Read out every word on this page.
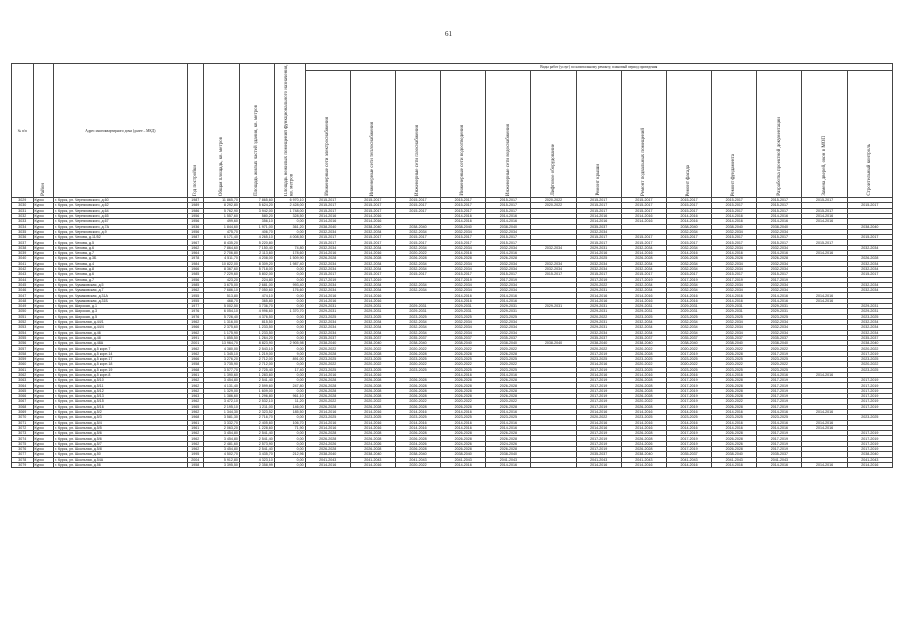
61
№ п/п	Район	Адрес многоквартирного дома (далее – МКД)	Год постройки	Общая площадь, кв. метров	Площадь жилых частей здания, кв. метров	Площадь нежилых помещений функционального назначения, кв. метров	Виды работ (услуг) по капитальному ремонту, плановый период проведения												
							Инженерные сети электроснабжения	Инженерные сети теплоснабжения	Инженерные сети газоснабжения	Инженерные сети водоотведения	Инженерные сети водоснабжения	Лифтовое оборудование	Ремонт крыши	Ремонт подвальных помещений	Ремонт фасада	Ремонт фундамента	Разработка проектной документации	Замена дверей, окон в МОП	Строительный контроль
3029	Курск	г. Курск, ул. Черняховского, д.60	1987	11 865,70	7 865,60	6 970,10	2015-2017	2015-2017	2015-2017	2015-2017	2015-2017	2020-2022	2015-2017	2015-2017	2015-2017	2015-2017	2015-2017	2015-2017	
3030	Курск	г. Курск, ул. Черняховского, д.62	1989	8 292,80	5 624,20	2 428,00	2015-2017	2015-2017	2015-2017	2015-2017	2015-2017	2020-2022	2015-2017	2015-2017	2015-2017	2015-2017	2015-2017		2015-2017
3031	Курск	г. Курск, ул. Черняховского, д.64	1986	5 762,90	3 942,00	1 748,00	2015-2017	2015-2017	2015-2017	2015-2017	2015-2017		2015-2017	2015-2017	2015-2017	2015-2017	2015-2017	2015-2017	
3032	Курск	г. Курск, ул. Черняховского, д.65	1956	1 557,60	580,20	328,50	2014-2016	2014-2016		2014-2016	2014-2016		2014-2016	2014-2016	2014-2016	2014-2016	2014-2016	2014-2016	
3033	Курск	г. Курск, ул. Черняховского, д.67	1956	499,60	356,10	0,00	2014-2016	2014-2016		2014-2016	2014-2016		2014-2016	2014-2016	2014-2016	2014-2016	2014-2016	2014-2016	
3034	Курск	г. Курск, ул. Черняховского, д.7А	1936	1 844,60	1 971,00	361,20	2038-2040	2038-2040	2038-2040	2038-2040	2038-2040		2035-2037		2038-2040	2038-2040	2038-2040		2038-2040
3035	Курск	г. Курск, ул. Черняховского, д.9	1956	475,70	406,70	0,00	2032-2034	2032-2034	2032-2034	2032-2034	2032-2034		2032-2034		2032-2034	2032-2034	2032-2034		
3036	Курск	г. Курск, ул. Чехова, д.11/52	1987	6 171,40	4 265,10	4 008,50	2015-2017	2015-2017	2015-2017	2015-2017	2015-2017		2015-2017	2015-2017	2015-2017	2015-2017	2015-2017		2015-2017
3037	Курск	г. Курск, ул. Чехова, д.5	1967	8 435,20	5 220,80		2015-2017	2015-2017	2015-2017	2015-2017	2015-2017		2015-2017	2015-2017	2015-2017	2015-2017	2015-2017	2015-2017	
3038	Курск	г. Курск, ул. Чехова, д.6	1962	7 864,60	7 150,40	74,80	2032-2034	2032-2034	2032-2034	2032-2034	2032-2034	2032-2034	2029-2031	2032-2034	2032-2034	2032-2034	2032-2034		2032-2034
3039	Курск	г. Курск, ул. Чехова, д.7	1964	2 706,80	2 113,60	178,60	2014-2016	2014-2016	2020-2022	2014-2016	2014-2016		2014-2016	2014-2016	2014-2016	2014-2016	2014-2016	2014-2016	
3040	Курск	г. Курск, ул. Чехова, д.3Б	1978	4 511,70	4 208,00	1 509,90	2026-2028	2026-2028	2026-2028	2026-2028	2026-2028		2023-2025	2026-2028	2026-2028	2026-2028	2026-2028		2026-2028
3041	Курск	г. Курск, ул. Чехова, д.4	1984	10 822,00	8 309,20	1 987,40	2032-2034	2032-2034	2032-2034	2032-2034	2032-2034	2032-2034	2032-2034	2032-2034	2032-2034	2032-2034	2032-2034		2032-2034
3042	Курск	г. Курск, ул. Чехова, д.8	1966	8 367,60	5 718,00	0,00	2032-2034	2032-2034	2032-2034	2032-2034	2032-2034	2032-2034	2032-2034	2032-2034	2032-2034	2032-2034	2032-2034		2032-2034
3043	Курск	г. Курск, ул. Чехова, д.6	1985	7 229,60	5 802,00	0,00	2015-2017	2015-2017	2015-2017	2015-2017	2015-2017	2015-2017	2015-2017	2015-2017	2015-2017	2015-2017	2015-2017		2015-2017
3044	Курск	г. Курск, ул. Чехова, д.7	1956	423,20	224,80	0,00	2017-2019	2017-2019		2017-2019	2017-2019		2017-2019	2017-2019	2017-2019	2017-2019	2017-2019		
3045	Курск	г. Курск, ул. Чумаковская, д.5	1985	3 675,00	2 681,00	993,40	2032-2034	2032-2034	2032-2034	2032-2034	2032-2034		2020-2022	2032-2034	2032-2034	2032-2034	2032-2034		2032-2034
3046	Курск	г. Курск, ул. Чумаковская, д.7	1962	7 686,10	7 050,60	176,60	2032-2034	2032-2034	2032-2034	2032-2034	2032-2034		2029-2031	2032-2034	2032-2034	2032-2034	2032-2034		2032-2034
3047	Курск	г. Курск, ул. Чумаковская, д.31А	1955	513,80	474,10	0,00	2014-2016	2014-2016		2014-2016	2014-2016		2014-2016	2014-2016	2014-2016	2014-2016	2014-2016	2014-2016	
3048	Курск	г. Курск, ул. Чумаковская, д.31Б	1955	468,70	365,80	0,00	2014-2016	2014-2016		2014-2016	2014-2016		2014-2016	2014-2016	2014-2016	2014-2016	2014-2016	2014-2016	
3049	Курск	г. Курск, ул. Широкая, д.1	1977	5 002,50	3 736,70	0,00	2029-2031	2029-2031	2029-2031	2029-2031	2029-2031	2029-2031	2029-2031	2029-2031	2029-2031	2029-2031	2029-2031		2029-2031
3050	Курск	г. Курск, ул. Широкая, д.3	1976	6 054,10	4 996,60	1 370,70	2029-2031	2029-2031	2029-2031	2029-2031	2029-2031		2029-2031	2029-2031	2029-2031	2029-2031	2029-2031		2029-2031
3051	Курск	г. Курск, ул. Широкая, д.5	1976	5 726,40	4 376,50	0,00	2023-2025	2023-2025	2023-2025	2023-2025	2023-2025		2020-2022	2023-2025	2023-2025	2023-2025	2023-2025		2023-2025
3052	Курск	г. Курск, ул. Школьная, д.44/1	1962	1 316,00	815,50	0,00	2032-2034	2032-2034	2032-2034	2032-2034	2032-2034		2029-2031	2032-2034	2032-2034	2032-2034	2032-2034		2032-2034
3053	Курск	г. Курск, ул. Школьная, д.44/4	1966	2 375,60	1 233,50	0,00	2032-2034	2032-2034	2032-2034	2032-2034	2032-2034		2029-2031	2032-2034	2032-2034	2032-2034	2032-2034		2032-2034
3054	Курск	г. Курск, ул. Школьная, д.46	1962	1 175,90	1 233,50	0,00	2032-2034	2032-2034	2032-2034	2032-2034	2032-2034		2032-2034	2032-2034	2032-2034	2032-2034	2032-2034		2032-2034
3055	Курск	г. Курск, ул. Школьная, д.48	1991	1 855,50	1 264,20	0,00	2035-2037	2035-2037	2035-2037	2035-2037	2035-2037		2035-2037	2035-2037	2035-2037	2035-2037	2035-2037		2035-2037
3056	Курск	г. Курск, ул. Школьная, д.48А	2001	13 964,70	8 823,90	2 905,98	2038-2040	2038-2040	2038-2040	2038-2040	2038-2040	2038-2040	2038-2040	2038-2040	2038-2040	2038-2040	2038-2040		2038-2040
3057	Курск	г. Курск, ул. Школьная, д.5 корп.7	1962	4 380,00	2 543,10	0,00	2020-2022	2020-2022	2020-2022	2020-2022	2020-2022		2020-2022	2020-2022	2020-2022	2020-2022	2020-2022		2020-2022
3058	Курск	г. Курск, ул. Школьная, д.5 корп.14	1962	1 345,10	1 219,00	9,00	2026-2028	2026-2028	2026-2028	2026-2028	2026-2028		2017-2019	2026-2028	2017-2019	2026-2028	2017-2019		2017-2019
3059	Курск	г. Курск, ул. Школьная, д.5 корп.17	1966	3 276,20	2 712,00	891,00	2023-2025	2023-2025	2023-2025	2023-2025	2023-2025		2023-2025	2023-2025	2023-2025	2023-2025	2023-2025		2023-2025
3060	Курск	г. Курск, ул. Школьная, д.5 корп.18	1958	3 735,90	2 712,00	0,00	2020-2022	2020-2022	2020-2022	2020-2022	2020-2022		2014-2016	2020-2022	2020-2022	2020-2022	2020-2022		2020-2022
3061	Курск	г. Курск, ул. Школьная, д.5 корп.19	1968	3 577,70	2 725,40	17,40	2023-2025	2023-2025	2023-2025	2023-2025	2023-2025		2017-2019	2023-2025	2023-2025	2023-2025	2023-2025		2023-2025
3062	Курск	г. Курск, ул. Школьная, д.5 корп.8	1961	1 390,60	1 283,60	0,00	2014-2016	2014-2016		2014-2016	2014-2016		2014-2016	2014-2016	2014-2016	2014-2016	2014-2016	2014-2016	
3063	Курск	г. Курск, ул. Школьная, д.5/10	1962	3 454,80	2 541,40	0,00	2026-2028	2026-2028	2026-2028	2026-2028	2026-2028		2017-2019	2026-2028	2017-2019	2026-2028	2017-2019		2017-2019
3064	Курск	г. Курск, ул. Школьная, д.5/11	1962	4 131,40	2 599,60	247,80	2026-2028	2026-2028	2026-2028	2026-2028	2026-2028		2017-2019	2026-2028	2017-2019	2026-2028	2017-2019		2017-2019
3065	Курск	г. Курск, ул. Школьная, д.5/12	1962	1 329,00	1 609,00	0,00	2026-2028	2026-2028	2026-2028	2026-2028	2026-2028		2017-2019	2026-2028	2017-2019	2026-2028	2017-2019		2017-2019
3066	Курск	г. Курск, ул. Школьная, д.5/13	1963	1 386,60	1 296,80	961,10	2026-2028	2026-2028	2026-2028	2026-2028	2026-2028		2017-2019	2026-2028	2017-2019	2026-2028	2017-2019		2017-2019
3067	Курск	г. Курск, ул. Школьная, д.5/15	1962	3 472,10	2 532,10	11,20	2020-2022	2020-2022	2020-2022	2020-2022	2020-2022		2017-2019	2020-2022	2017-2019	2020-2022	2017-2019		2017-2019
3068	Курск	г. Курск, ул. Школьная, д.5/16	1965	2 195,10	1 211,00	146,00	2026-2028	2026-2028	2026-2028	2026-2028	2026-2028		2017-2019	2026-2028	2017-2019	2026-2028	2017-2019		2017-2019
3069	Курск	г. Курск, ул. Школьная, д.5/2	1962	1 344,30	2 323,52	185,50	2014-2016	2014-2016	2014-2016	2014-2016	2014-2016		2014-2016	2014-2016	2014-2016	2014-2016	2014-2016	2014-2016	
3070	Курск	г. Курск, ул. Школьная, д.5/3	1968	3 581,30	2 716,70	0,00	2023-2025	2023-2025	2023-2025	2023-2025	2023-2025		2020-2022	2023-2025	2023-2025	2023-2025	2023-2025		2023-2025
3071	Курск	г. Курск, ул. Школьная, д.5/4	1961	3 332,70	2 405,60	106,70	2014-2016	2014-2016	2014-2016	2014-2016	2014-2016		2014-2016	2014-2016	2014-2016	2014-2016	2014-2016	2014-2016	
3072	Курск	г. Курск, ул. Школьная, д.5/5	1961	2 063,20	1 228,60	71,90	2014-2016	2014-2016	2014-2016	2014-2016	2014-2016		2014-2016	2014-2016	2014-2016	2014-2016	2014-2016	2014-2016	
3073	Курск	г. Курск, ул. Школьная, д.5/6	1962	3 454,80	2 541,40	0,00	2026-2028	2026-2028	2026-2028	2026-2028	2026-2028		2017-2019	2026-2028	2017-2019	2026-2028	2017-2019		2017-2019
3074	Курск	г. Курск, ул. Школьная, д.5/6	1962	3 454,80	2 541,40	0,00	2026-2028	2026-2028	2026-2028	2026-2028	2026-2028		2017-2019	2026-2028	2017-2019	2026-2028	2017-2019		2017-2019
3075	Курск	г. Курск, ул. Школьная, д.5/7	1962	2 481,60	2 573,90	0,00	2024-2026	2024-2026	2024-2026	2024-2026	2024-2026		2017-2019	2024-2026	2017-2019	2024-2026	2017-2019		2017-2019
3076	Курск	г. Курск, ул. Школьная, д.5/8	1962	3 454,80	2 541,40	0,00	2026-2028	2026-2028	2026-2028	2026-2028	2026-2028		2017-2019	2026-2028	2017-2019	2026-2028	2017-2019		2017-2019
3077	Курск	г. Курск, ул. Школьная, д.50	1995	4 502,70	3 435,70	212,96	2038-2040	2038-2040	2038-2040	2038-2040	2038-2040		2035-2037	2038-2040	2035-2037	2038-2040	2035-2037		2038-2040
3078	Курск	г. Курск, ул. Школьная, д.54А	2004	5 912,80	4 323,10	0,00	2041-2043	2041-2043	2041-2043	2041-2043	2041-2043		2041-2043	2041-2043	2041-2043	2041-2043	2041-2043		2041-2043
3079	Курск	г. Курск, ул. Школьная, д.56	1958	3 395,50	2 358,99	0,00	2014-2016	2014-2016	2020-2022	2014-2016	2014-2016		2014-2016	2014-2016	2014-2016	2014-2016	2014-2016	2014-2016	2014-2016
